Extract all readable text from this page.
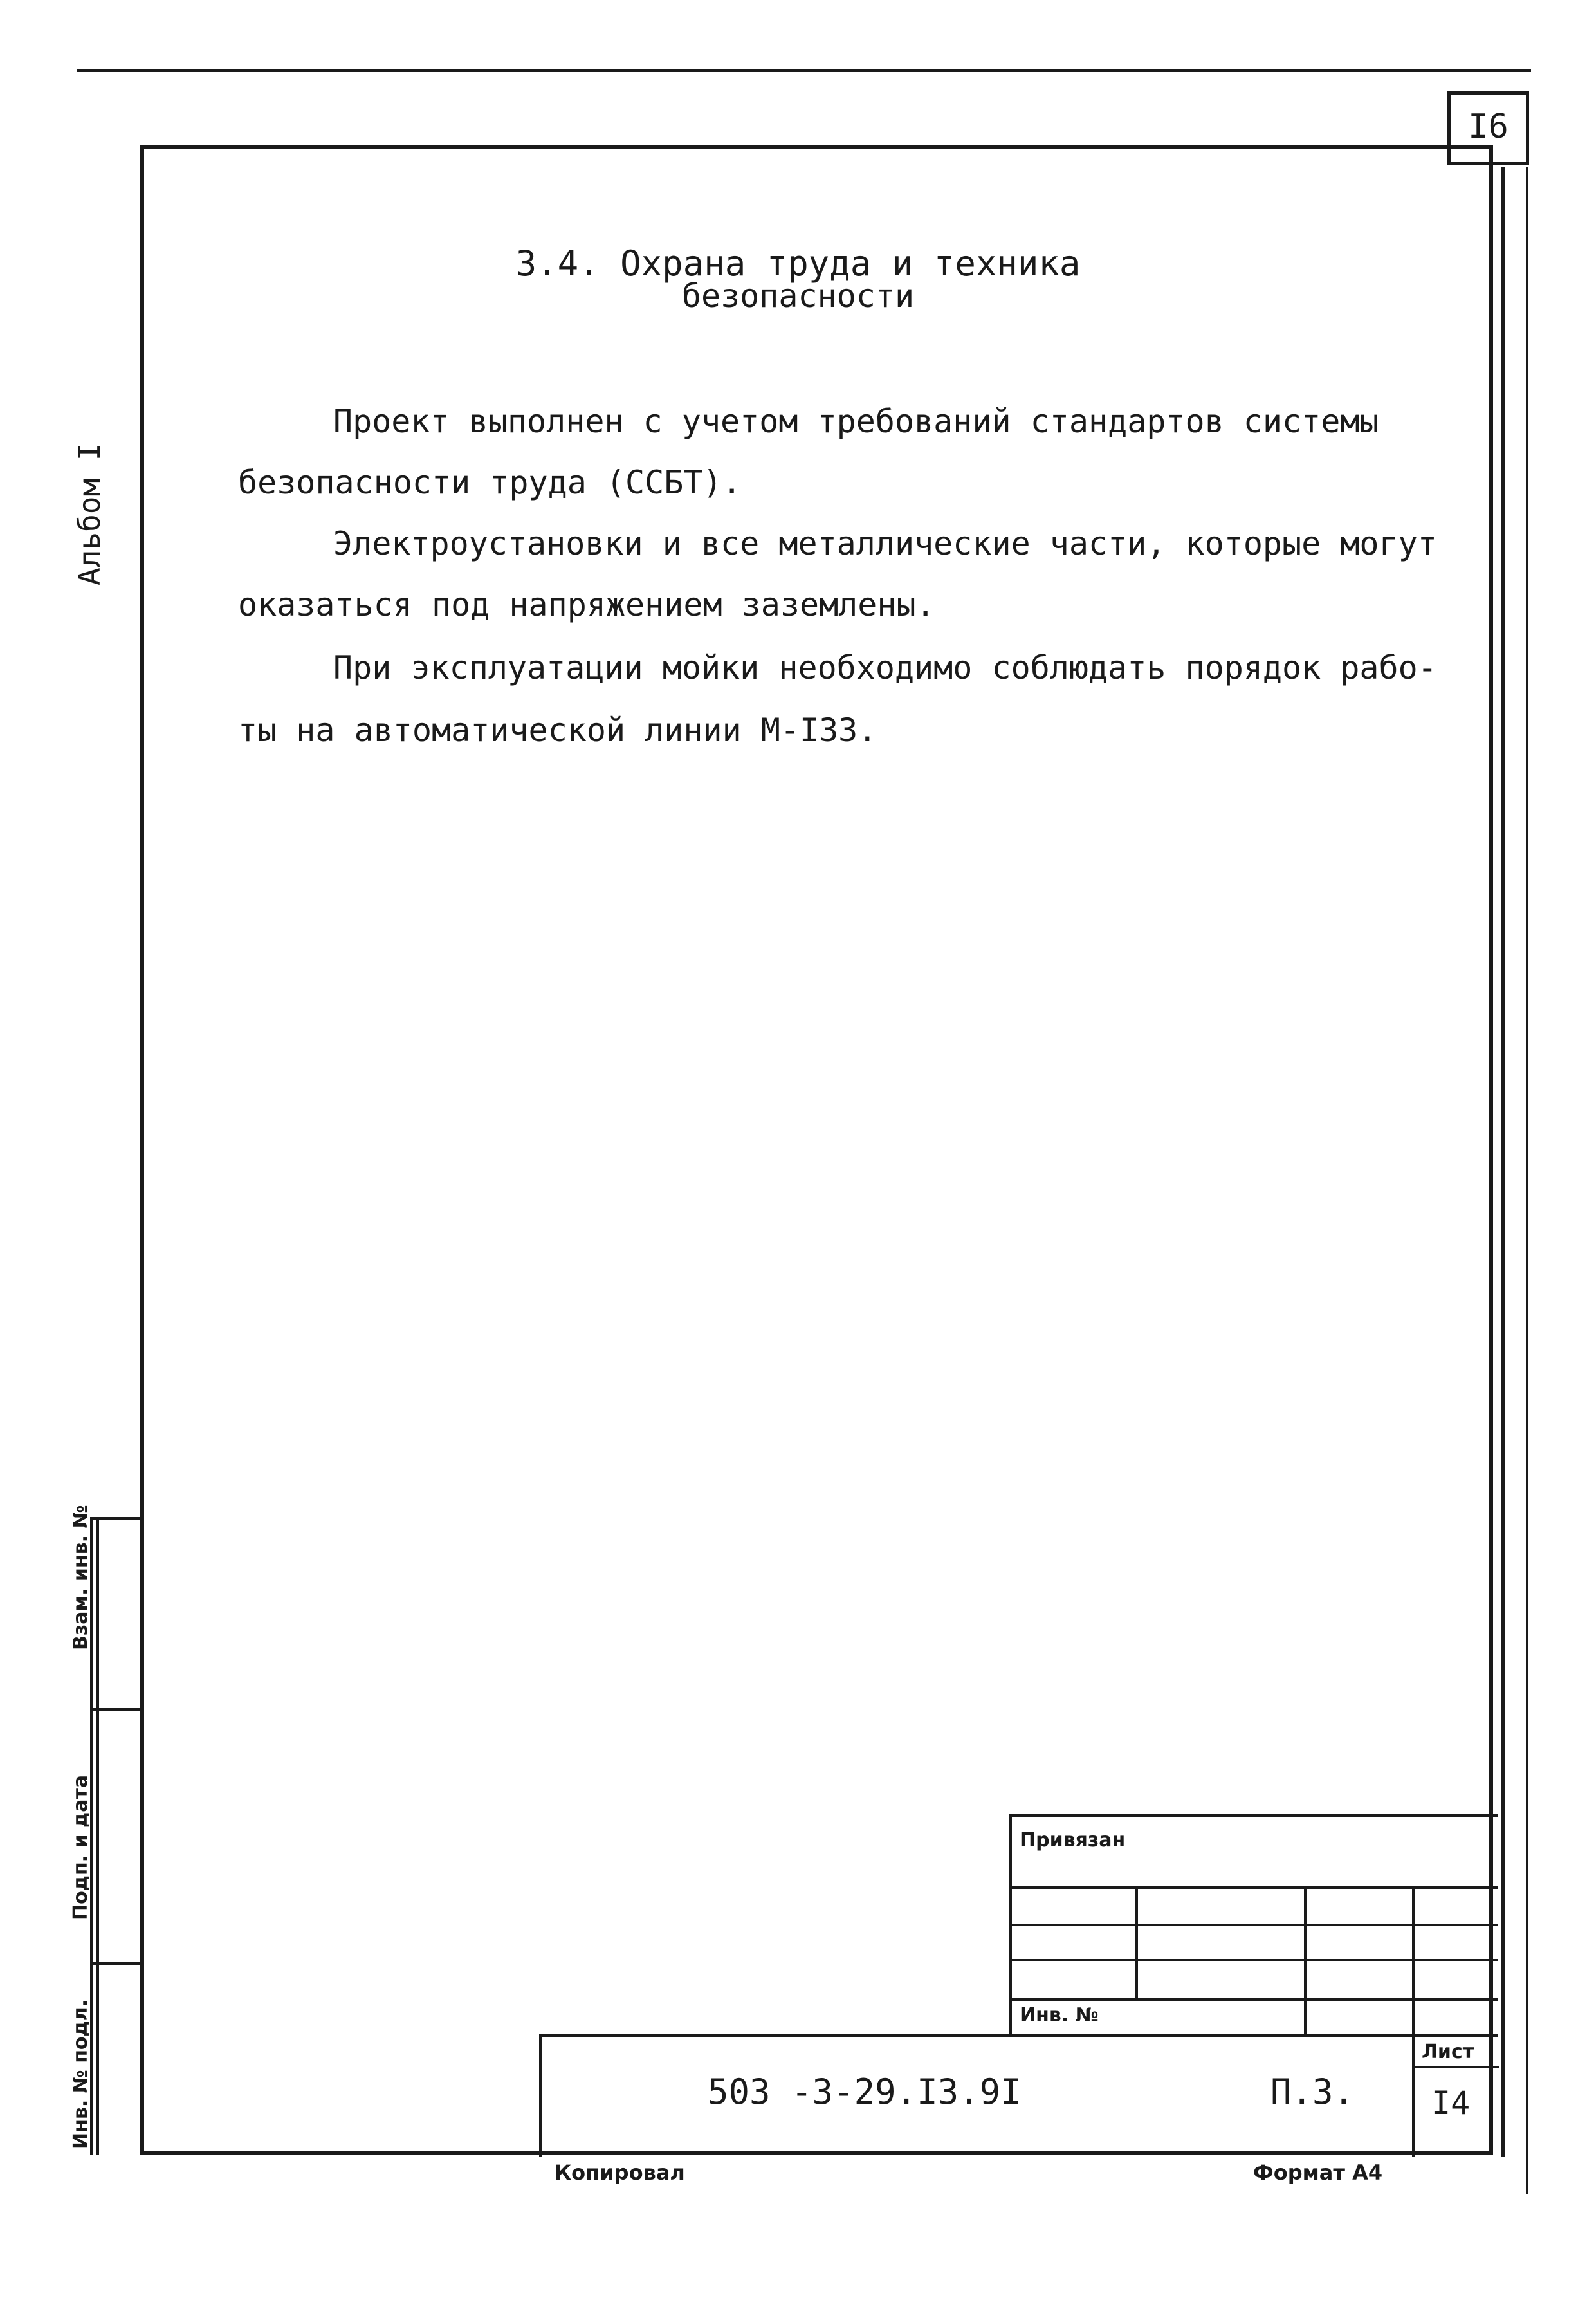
I6
Альбом I
3.4. Охрана труда и техника
безопасности
Проект выполнен с учетом требований стандартов системы
безопасности труда (ССБТ).
Электроустановки и все металлические части, которые могут
оказаться под напряжением заземлены.
При эксплуатации мойки необходимо соблюдать порядок рабо-
ты на автоматической линии М-I33.
Взам. инв. №
Подп. и дата
Инв. № подл.
Привязан
Инв. №
503 -3-29.I3.9I	П.3.
Лист
I4
Копировал	Формат А4
